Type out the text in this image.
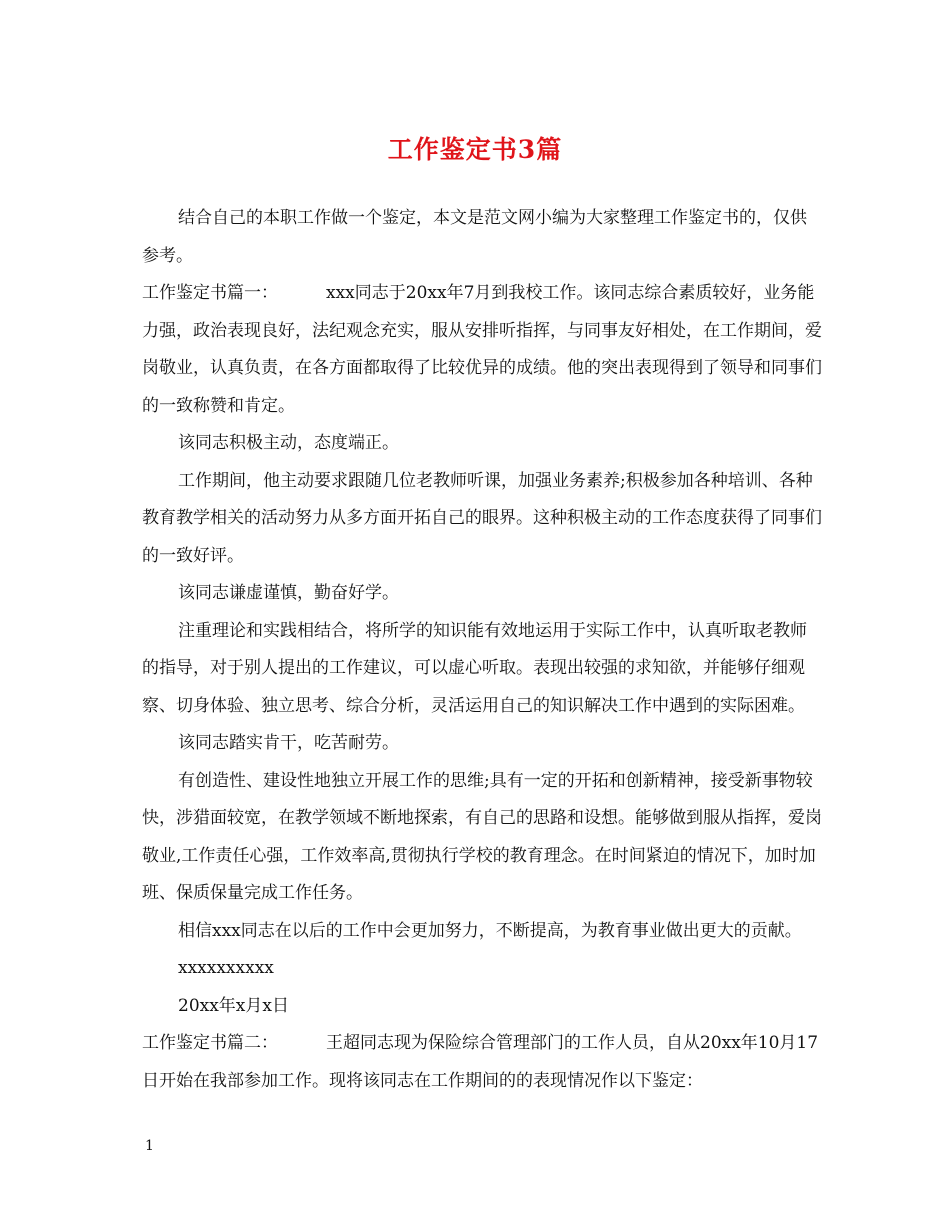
工作鉴定书3篇

结合自己的本职工作做一个鉴定，本文是范文网小编为大家整理工作鉴定书的，仅供参考。

工作鉴定书篇一：	xxx同志于20xx年7月到我校工作。该同志综合素质较好，业务能力强，政治表现良好，法纪观念充实，服从安排听指挥，与同事友好相处，在工作期间，爱岗敬业，认真负责，在各方面都取得了比较优异的成绩。他的突出表现得到了领导和同事们的一致称赞和肯定。

该同志积极主动，态度端正。

工作期间，他主动要求跟随几位老教师听课，加强业务素养;积极参加各种培训、各种教育教学相关的活动努力从多方面开拓自己的眼界。这种积极主动的工作态度获得了同事们的一致好评。

该同志谦虚谨慎，勤奋好学。

注重理论和实践相结合，将所学的知识能有效地运用于实际工作中，认真听取老教师的指导，对于别人提出的工作建议，可以虚心听取。表现出较强的求知欲，并能够仔细观察、切身体验、独立思考、综合分析，灵活运用自己的知识解决工作中遇到的实际困难。

该同志踏实肯干，吃苦耐劳。

有创造性、建设性地独立开展工作的思维;具有一定的开拓和创新精神，接受新事物较快，涉猎面较宽，在教学领域不断地探索，有自己的思路和设想。能够做到服从指挥，爱岗敬业,工作责任心强，工作效率高,贯彻执行学校的教育理念。在时间紧迫的情况下，加时加班、保质保量完成工作任务。

相信xxx同志在以后的工作中会更加努力，不断提高，为教育事业做出更大的贡献。

xxxxxxxxxx

20xx年x月x日

工作鉴定书篇二：	王超同志现为保险综合管理部门的工作人员，自从20xx年10月17日开始在我部参加工作。现将该同志在工作期间的的表现情况作以下鉴定：

1
